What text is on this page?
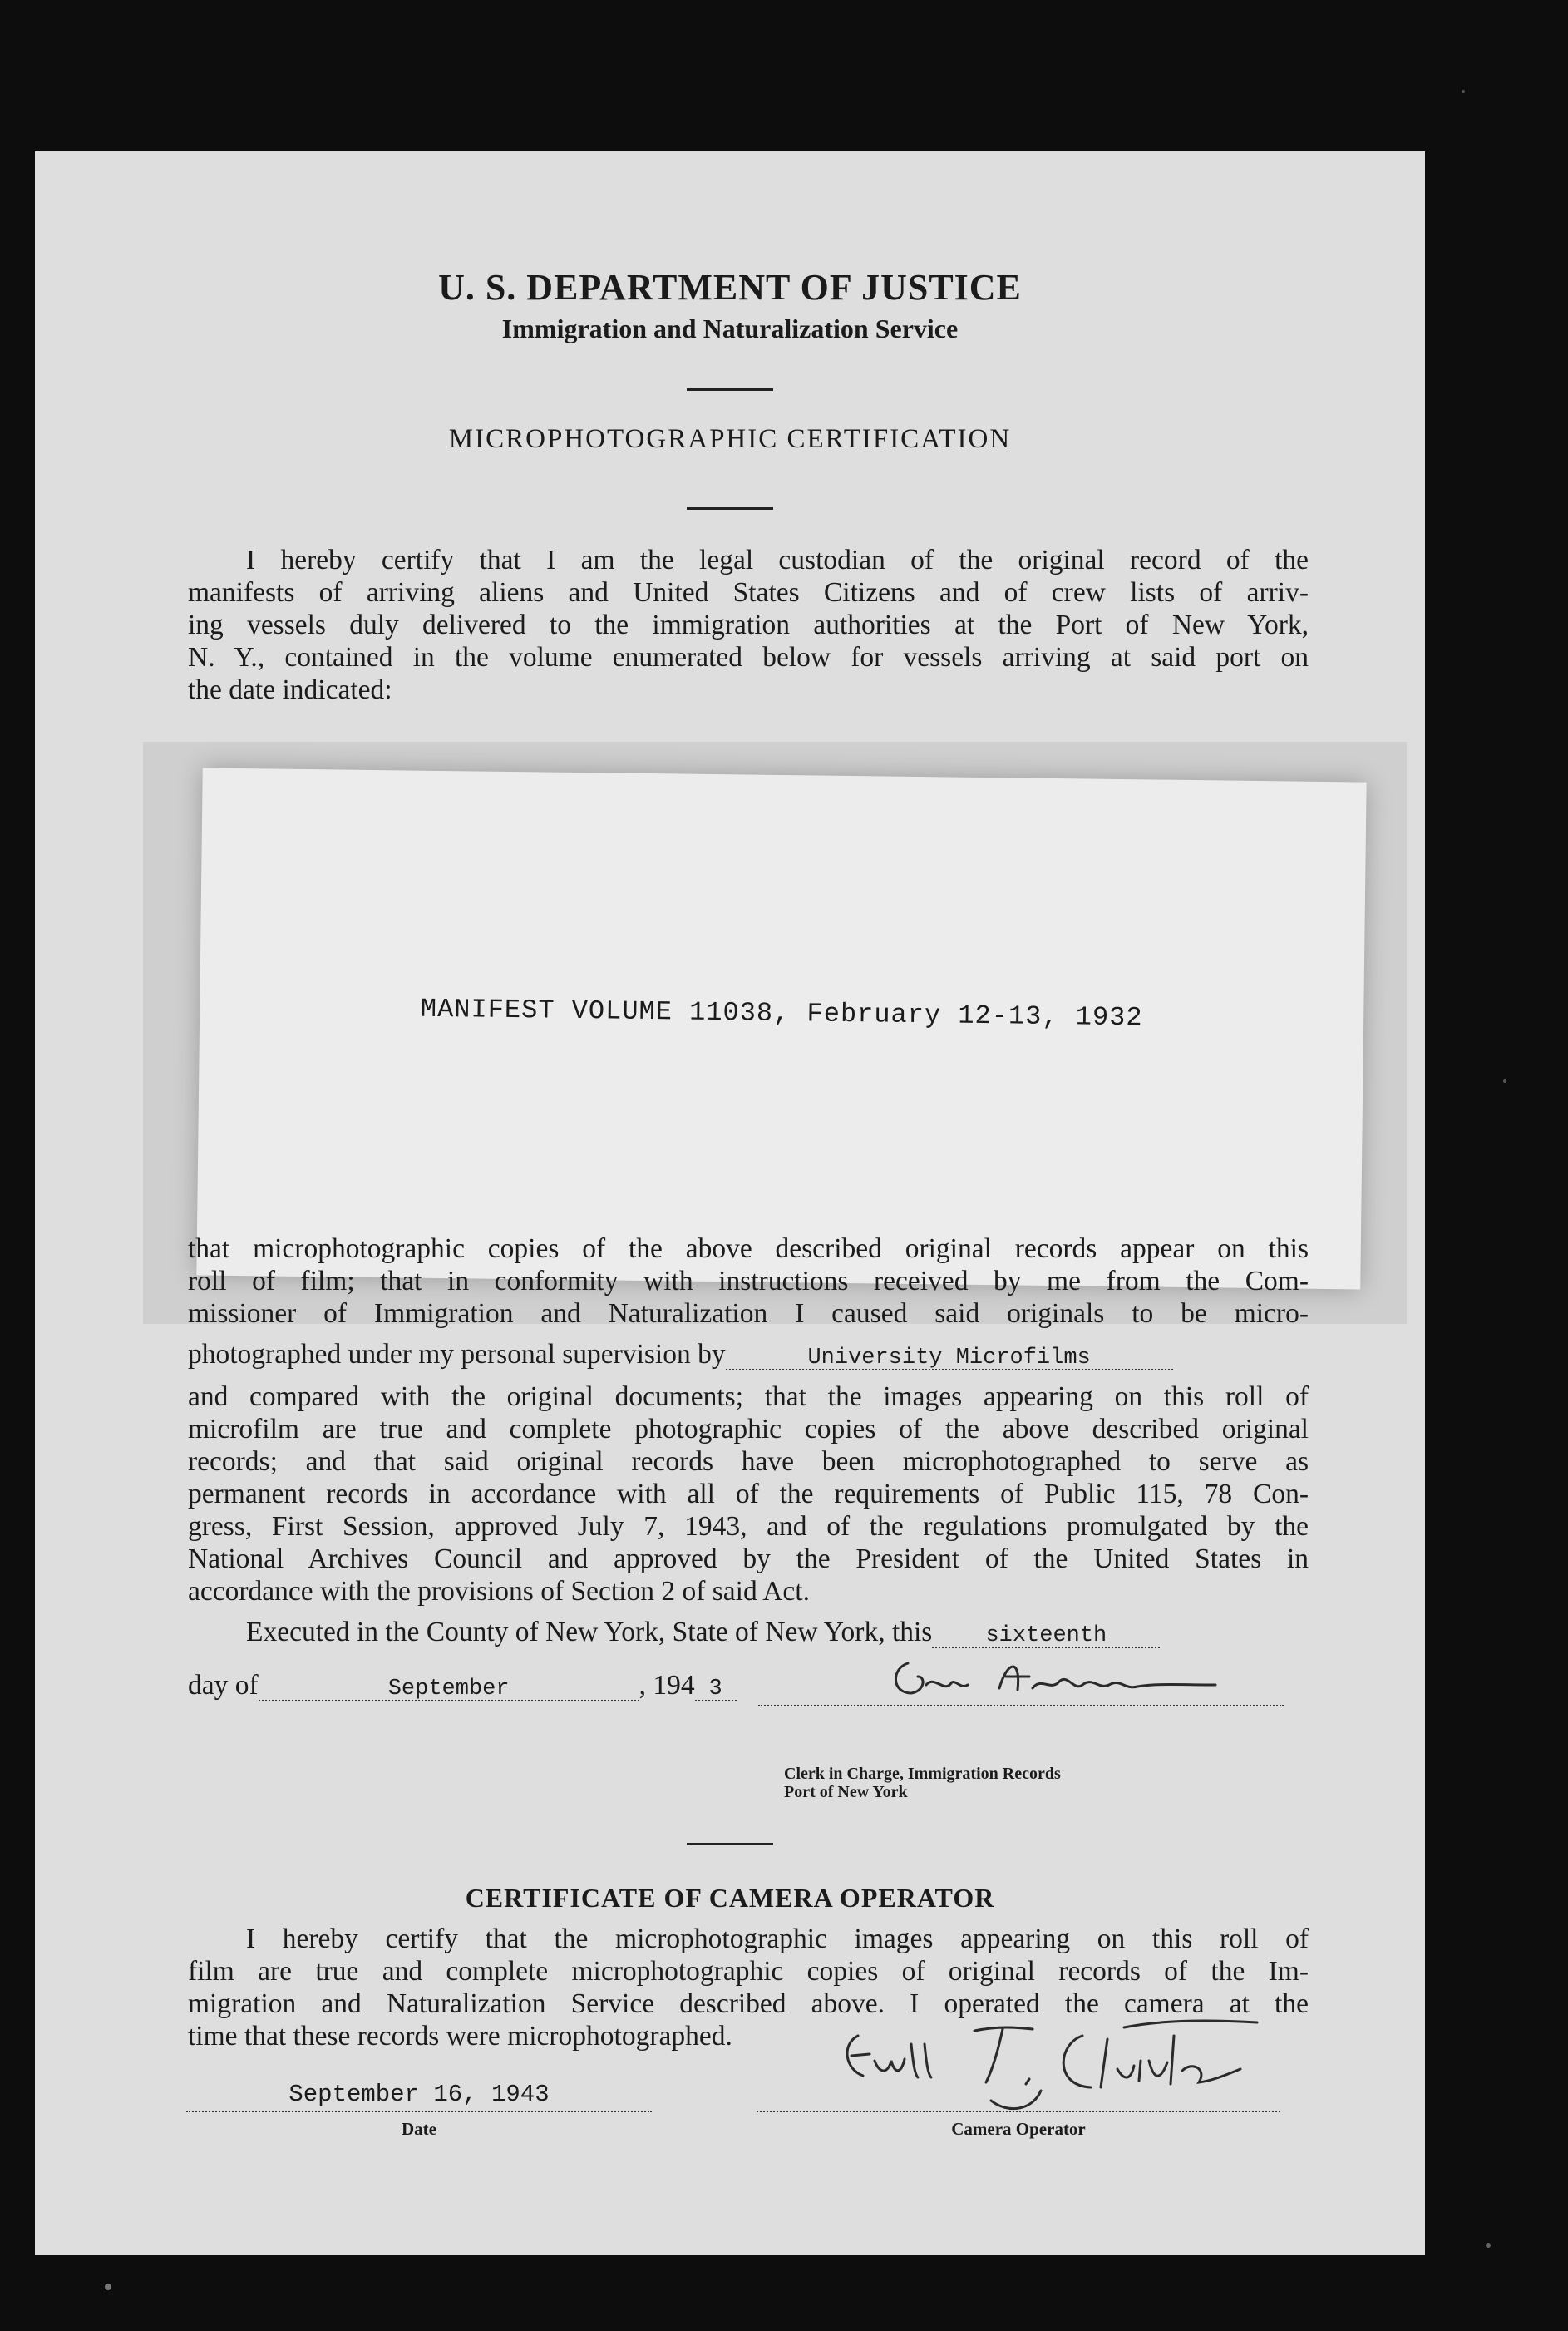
U. S. DEPARTMENT OF JUSTICE
Immigration and Naturalization Service
MICROPHOTOGRAPHIC CERTIFICATION
I hereby certify that I am the legal custodian of the original record of the
manifests of arriving aliens and United States Citizens and of crew lists of arriv-
ing vessels duly delivered to the immigration authorities at the Port of New York,
N. Y., contained in the volume enumerated below for vessels arriving at said port on
the date indicated:
MANIFEST VOLUME 11038, February 12-13, 1932
that microphotographic copies of the above described original records appear on this
roll of film; that in conformity with instructions received by me from the Com-
missioner of Immigration and Naturalization I caused said originals to be micro-
photographed under my personal supervision by	University Microfilms
and compared with the original documents; that the images appearing on this roll of
microfilm are true and complete photographic copies of the above described original
records; and that said original records have been microphotographed to serve as
permanent records in accordance with all of the requirements of Public 115, 78 Con-
gress, First Session, approved July 7, 1943, and of the regulations promulgated by the
National Archives Council and approved by the President of the United States in
accordance with the provisions of Section 2 of said Act.
Executed in the County of New York, State of New York, this sixteenth
day of	September	, 194 3
Clerk in Charge, Immigration Records
Port of New York
CERTIFICATE OF CAMERA OPERATOR
I hereby certify that the microphotographic images appearing on this roll of
film are true and complete microphotographic copies of original records of the Im-
migration and Naturalization Service described above. I operated the camera at the
time that these records were microphotographed.
September 16, 1943
Date	Camera Operator
